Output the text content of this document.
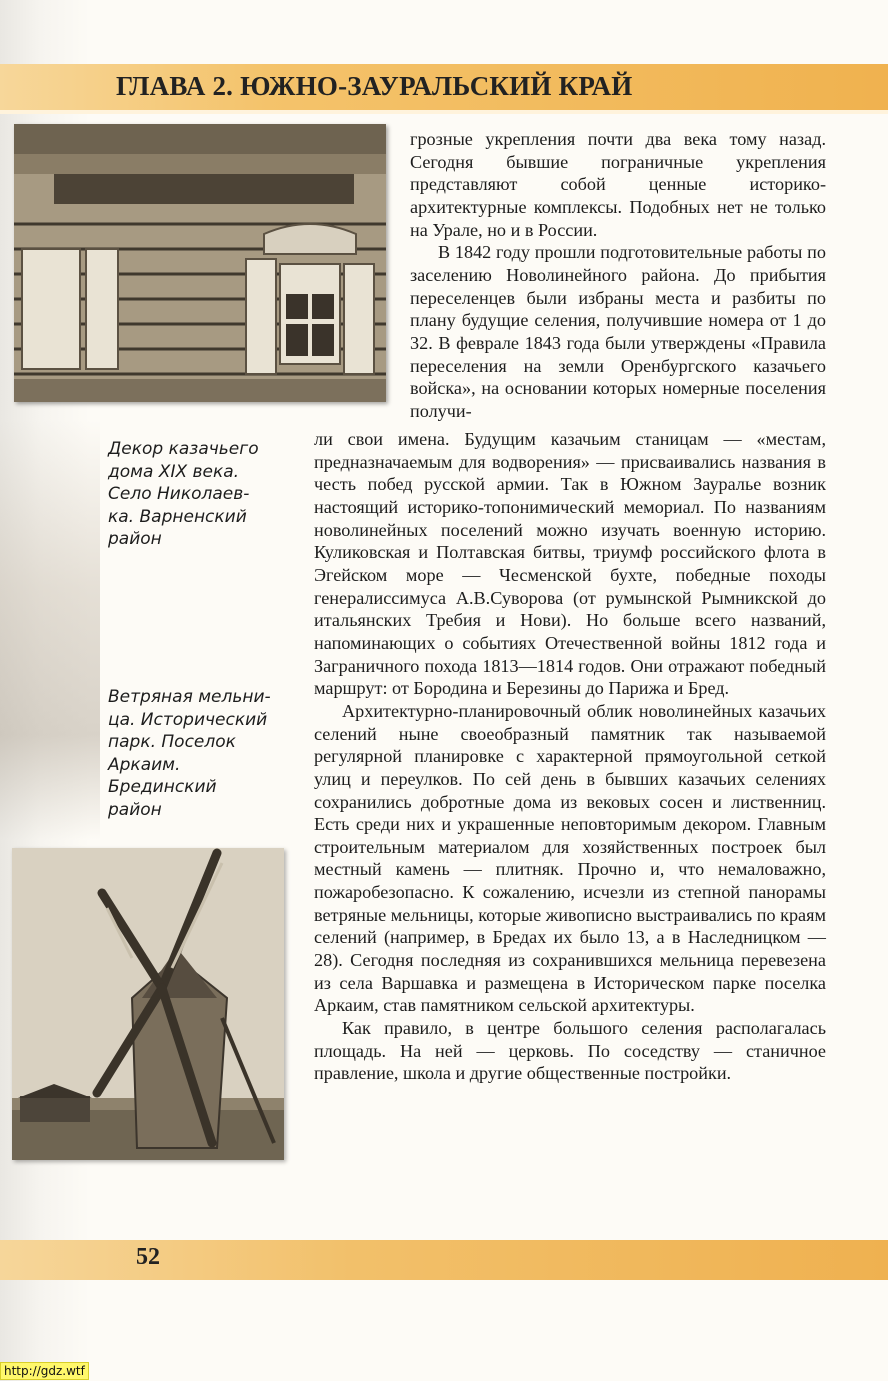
ГЛАВА 2. ЮЖНО-ЗАУРАЛЬСКИЙ КРАЙ
Декор казачьего
дома XIX века.
Село Николаев-
ка. Варненский
район
Ветряная мельни-
ца. Исторический
парк. Поселок
Аркаим.
Брединский
район

грозные укрепления почти два века тому назад. Сегодня бывшие пограничные укрепления представляют собой ценные историко-архитектурные комплексы. Подобных нет не только на Урале, но и в России.

В 1842 году прошли подготовительные работы по заселению Новолинейного района. До прибытия переселенцев были избраны места и разбиты по плану будущие селения, получившие номера от 1 до 32. В феврале 1843 года были утверждены «Правила переселения на земли Оренбургского казачьего войска», на основании которых номерные поселения получи-

ли свои имена. Будущим казачьим станицам — «местам, предназначаемым для водворения» — присваивались названия в честь побед русской армии. Так в Южном Зауралье возник настоящий историко-топонимический мемориал. По названиям новолинейных поселений можно изучать военную историю. Куликовская и Полтавская битвы, триумф российского флота в Эгейском море — Чесменской бухте, победные походы генералиссимуса А.В.Суворова (от румынской Рымникской до итальянских Требия и Нови). Но больше всего названий, напоминающих о событиях Отечественной войны 1812 года и Заграничного похода 1813—1814 годов. Они отражают победный маршрут: от Бородина и Березины до Парижа и Бред.

Архитектурно-планировочный облик новолинейных казачьих селений ныне своеобразный памятник так называемой регулярной планировке с характерной прямоугольной сеткой улиц и переулков. По сей день в бывших казачьих селениях сохранились добротные дома из вековых сосен и лиственниц. Есть среди них и украшенные неповторимым декором. Главным строительным материалом для хозяйственных построек был местный камень — плитняк. Прочно и, что немаловажно, пожаробезопасно. К сожалению, исчезли из степной панорамы ветряные мельницы, которые живописно выстраивались по краям селений (например, в Бредах их было 13, а в Наследницком — 28). Сегодня последняя из сохранившихся мельница перевезена из села Варшавка и размещена в Историческом парке поселка Аркаим, став памятником сельской архитектуры.

Как правило, в центре большого селения располагалась площадь. На ней — церковь. По соседству — станичное правление, школа и другие общественные постройки.

52
http://gdz.wtf
